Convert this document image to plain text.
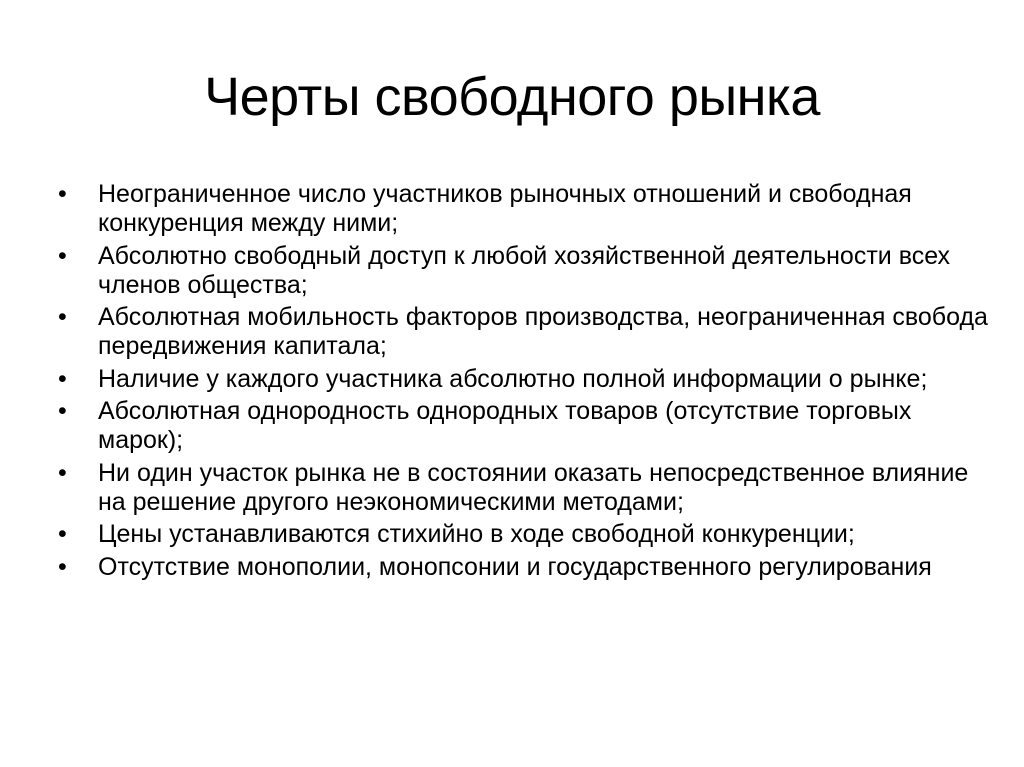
Черты свободного рынка
•	Неограниченное число участников рыночных отношений и свободная конкуренция между ними;
•	Абсолютно свободный доступ к любой хозяйственной деятельности всех членов общества;
•	Абсолютная мобильность факторов производства, неограниченная свобода передвижения капитала;
•	Наличие у каждого участника абсолютно полной информации о рынке;
•	Абсолютная однородность однородных товаров (отсутствие торговых марок);
•	Ни один участок рынка не в состоянии оказать непосредственное влияние на решение другого неэкономическими методами;
•	Цены устанавливаются стихийно в ходе свободной конкуренции;
•	Отсутствие монополии, монопсонии и государственного регулирования
